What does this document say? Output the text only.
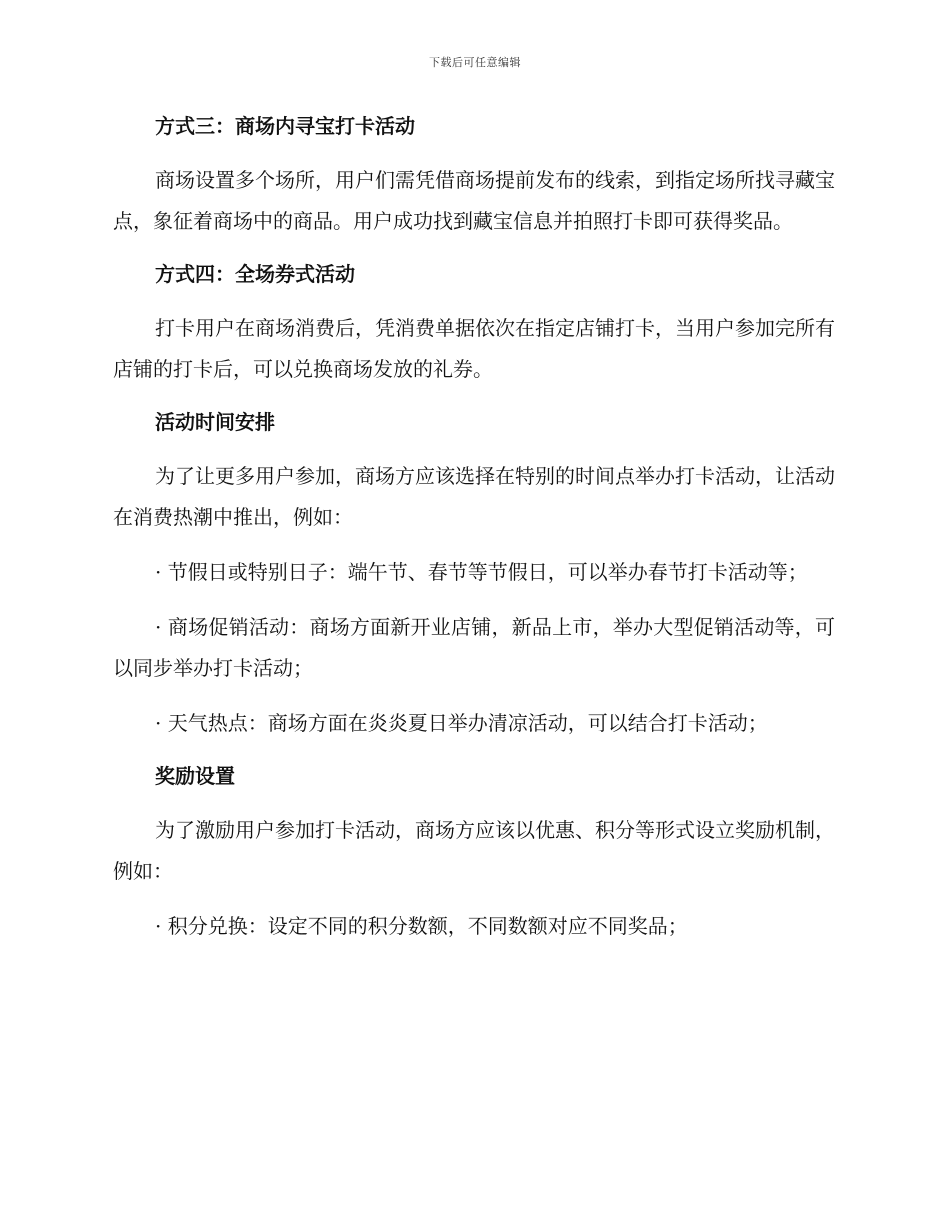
下载后可任意编辑
方式三：商场内寻宝打卡活动
商场设置多个场所，用户们需凭借商场提前发布的线索，到指定场所找寻藏宝点，象征着商场中的商品。用户成功找到藏宝信息并拍照打卡即可获得奖品。
方式四：全场券式活动
打卡用户在商场消费后，凭消费单据依次在指定店铺打卡，当用户参加完所有店铺的打卡后，可以兑换商场发放的礼券。
活动时间安排
为了让更多用户参加，商场方应该选择在特别的时间点举办打卡活动，让活动在消费热潮中推出，例如：
· 节假日或特别日子：端午节、春节等节假日，可以举办春节打卡活动等；
· 商场促销活动：商场方面新开业店铺，新品上市，举办大型促销活动等，可以同步举办打卡活动；
· 天气热点：商场方面在炎炎夏日举办清凉活动，可以结合打卡活动；
奖励设置
为了激励用户参加打卡活动，商场方应该以优惠、积分等形式设立奖励机制，例如：
· 积分兑换：设定不同的积分数额，不同数额对应不同奖品；
